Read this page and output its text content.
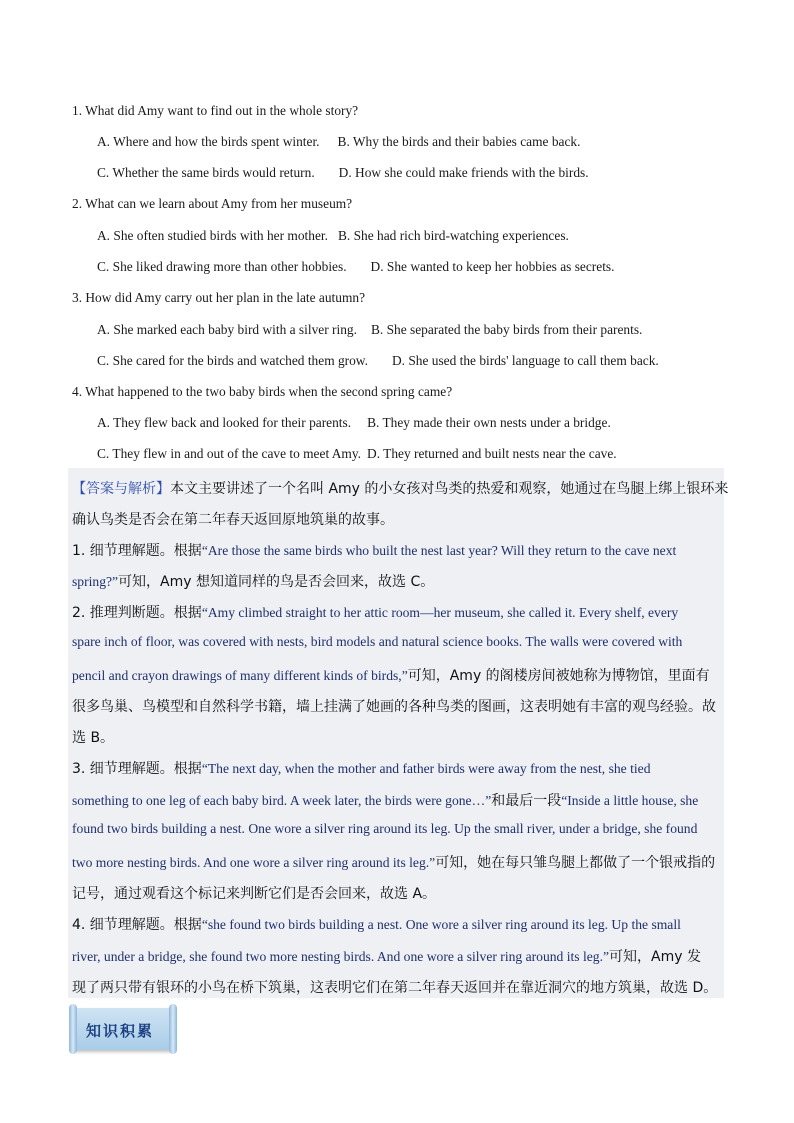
1. What did Amy want to find out in the whole story?
A. Where and how the birds spent winter. B. Why the birds and their babies came back.
C. Whether the same birds would return. D. How she could make friends with the birds.
2. What can we learn about Amy from her museum?
A. She often studied birds with her mother. B. She had rich bird-watching experiences.
C. She liked drawing more than other hobbies. D. She wanted to keep her hobbies as secrets.
3. How did Amy carry out her plan in the late autumn?
A. She marked each baby bird with a silver ring. B. She separated the baby birds from their parents.
C. She cared for the birds and watched them grow. D. She used the birds' language to call them back.
4. What happened to the two baby birds when the second spring came?
A. They flew back and looked for their parents. B. They made their own nests under a bridge.
C. They flew in and out of the cave to meet Amy. D. They returned and built nests near the cave.
【答案与解析】本文主要讲述了一个名叫 Amy 的小女孩对鸟类的热爱和观察，她通过在鸟腿上绑上银环来
确认鸟类是否会在第二年春天返回原地筑巢的故事。
1. 细节理解题。根据“Are those the same birds who built the nest last year? Will they return to the cave next
spring?”可知，Amy 想知道同样的鸟是否会回来，故选 C。
2. 推理判断题。根据“Amy climbed straight to her attic room—her museum, she called it. Every shelf, every
spare inch of floor, was covered with nests, bird models and natural science books. The walls were covered with
pencil and crayon drawings of many different kinds of birds,”可知，Amy 的阁楼房间被她称为博物馆，里面有
很多鸟巢、鸟模型和自然科学书籍，墙上挂满了她画的各种鸟类的图画，这表明她有丰富的观鸟经验。故
选 B。
3. 细节理解题。根据“The next day, when the mother and father birds were away from the nest, she tied
something to one leg of each baby bird. A week later, the birds were gone…”和最后一段“Inside a little house, she
found two birds building a nest. One wore a silver ring around its leg. Up the small river, under a bridge, she found
two more nesting birds. And one wore a silver ring around its leg.”可知，她在每只雏鸟腿上都做了一个银戒指的
记号，通过观看这个标记来判断它们是否会回来，故选 A。
4. 细节理解题。根据“she found two birds building a nest. One wore a silver ring around its leg. Up the small
river, under a bridge, she found two more nesting birds. And one wore a silver ring around its leg.”可知，Amy 发
现了两只带有银环的小鸟在桥下筑巢，这表明它们在第二年春天返回并在靠近洞穴的地方筑巢，故选 D。
知识积累
